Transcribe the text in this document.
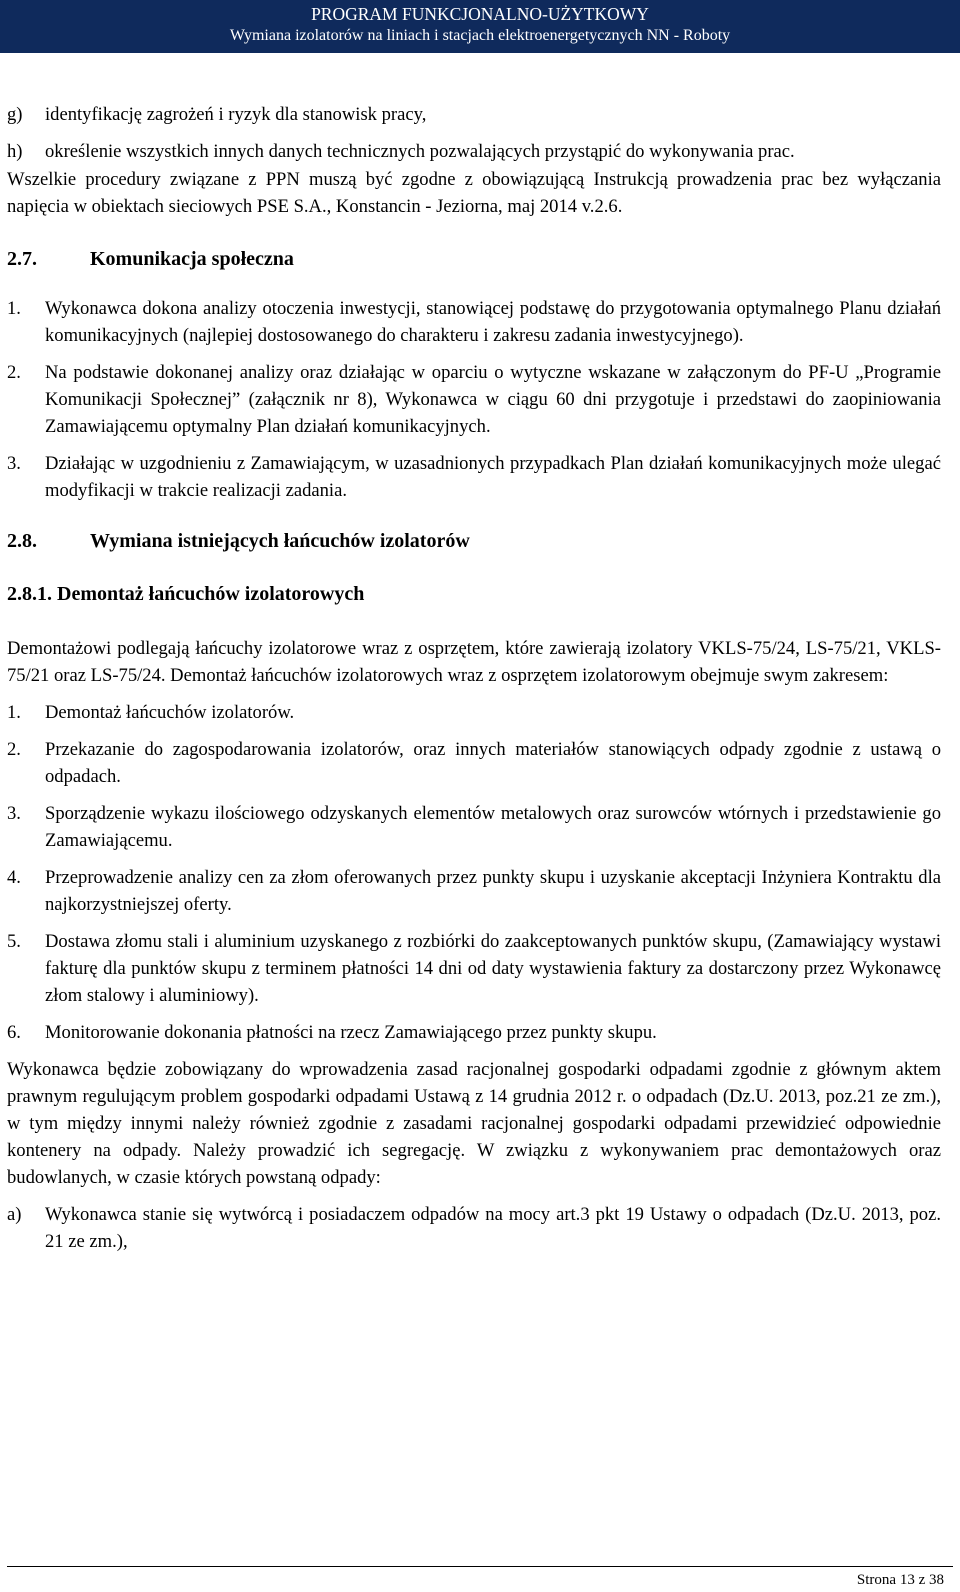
PROGRAM FUNKCJONALNO-UŻYTKOWY
Wymiana izolatorów na liniach i stacjach elektroenergetycznych NN - Roboty
g) identyfikację zagrożeń i ryzyk dla stanowisk pracy,
h) określenie wszystkich innych danych technicznych pozwalających przystąpić do wykonywania prac.
Wszelkie procedury związane z PPN muszą być zgodne z obowiązującą Instrukcją prowadzenia prac bez wyłączania napięcia w obiektach sieciowych PSE S.A., Konstancin - Jeziorna, maj 2014 v.2.6.
2.7.	Komunikacja społeczna
1. Wykonawca dokona analizy otoczenia inwestycji, stanowiącej podstawę do przygotowania optymalnego Planu działań komunikacyjnych (najlepiej dostosowanego do charakteru i zakresu zadania inwestycyjnego).
2. Na podstawie dokonanej analizy oraz działając w oparciu o wytyczne wskazane w załączonym do PF-U „Programie Komunikacji Społecznej” (załącznik nr 8), Wykonawca w ciągu 60 dni przygotuje i przedstawi do zaopiniowania Zamawiającemu optymalny Plan działań komunikacyjnych.
3. Działając w uzgodnieniu z Zamawiającym, w uzasadnionych przypadkach Plan działań komunikacyjnych może ulegać modyfikacji w trakcie realizacji zadania.
2.8.	Wymiana istniejących łańcuchów izolatorów
2.8.1. Demontaż łańcuchów izolatorowych
Demontażowi podlegają łańcuchy izolatorowe wraz z osprzętem, które zawierają izolatory VKLS-75/24, LS-75/21, VKLS-75/21 oraz LS-75/24. Demontaż łańcuchów izolatorowych wraz z osprzętem izolatorowym obejmuje swym zakresem:
1. Demontaż łańcuchów izolatorów.
2. Przekazanie do zagospodarowania izolatorów, oraz innych materiałów stanowiących odpady zgodnie z ustawą o odpadach.
3. Sporządzenie wykazu ilościowego odzyskanych elementów metalowych oraz surowców wtórnych i przedstawienie go Zamawiającemu.
4. Przeprowadzenie analizy cen za złom oferowanych przez punkty skupu i uzyskanie akceptacji Inżyniera Kontraktu dla najkorzystniejszej oferty.
5. Dostawa złomu stali i aluminium uzyskanego z rozbiórki do zaakceptowanych punktów skupu, (Zamawiający wystawi fakturę dla punktów skupu z terminem płatności 14 dni od daty wystawienia faktury za dostarczony przez Wykonawcę złom stalowy i aluminiowy).
6. Monitorowanie dokonania płatności na rzecz Zamawiającego przez punkty skupu.
Wykonawca będzie zobowiązany do wprowadzenia zasad racjonalnej gospodarki odpadami zgodnie z głównym aktem prawnym regulującym problem gospodarki odpadami Ustawą z 14 grudnia 2012 r. o odpadach (Dz.U. 2013, poz.21 ze zm.), w tym między innymi należy również zgodnie z zasadami racjonalnej gospodarki odpadami przewidzieć odpowiednie kontenery na odpady. Należy prowadzić ich segregację. W związku z wykonywaniem prac demontażowych oraz budowlanych, w czasie których powstaną odpady:
a) Wykonawca stanie się wytwórcą i posiadaczem odpadów na mocy art.3 pkt 19 Ustawy o odpadach (Dz.U. 2013, poz. 21 ze zm.),
Strona 13 z 38
